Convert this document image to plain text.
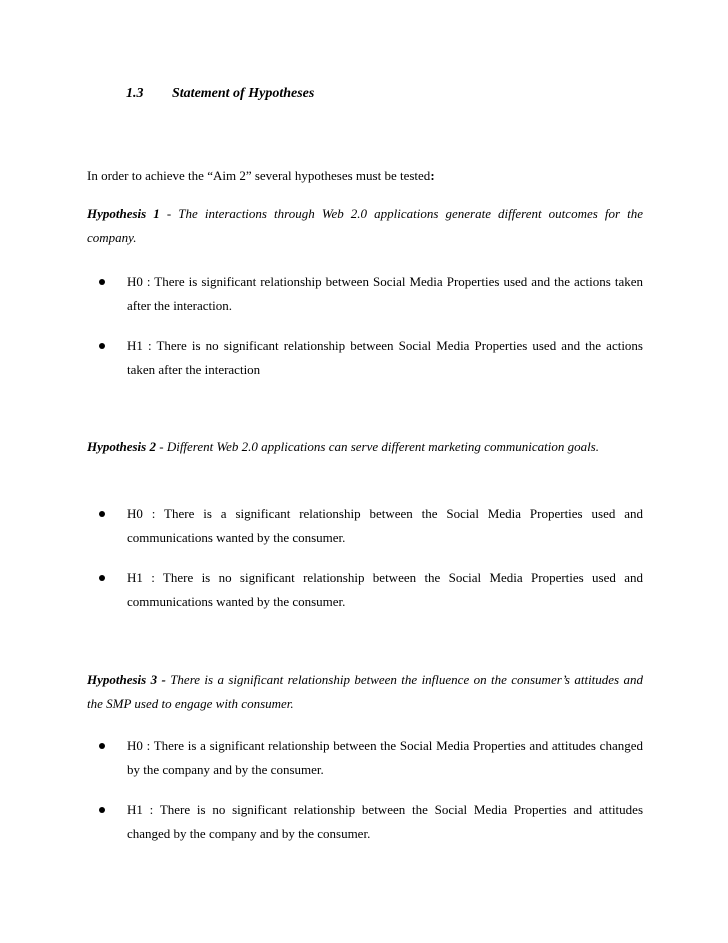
1.3 Statement of Hypotheses
In order to achieve the “Aim 2” several hypotheses must be tested:
Hypothesis 1 - The interactions through Web 2.0 applications generate different outcomes for the company.
H0 : There is significant relationship between Social Media Properties used and the actions taken after the interaction.
H1 : There is no significant relationship between Social Media Properties used and the actions taken after the interaction
Hypothesis 2 - Different Web 2.0 applications can serve different marketing communication goals.
H0 : There is a significant relationship between the Social Media Properties used and communications wanted by the consumer.
H1 : There is no significant relationship between the Social Media Properties used and communications wanted by the consumer.
Hypothesis 3 - There is a significant relationship between the influence on the consumer’s attitudes and the SMP used to engage with consumer.
H0 : There is a significant relationship between the Social Media Properties and attitudes changed by the company and by the consumer.
H1 : There is no significant relationship between the Social Media Properties and attitudes changed by the company and by the consumer.
